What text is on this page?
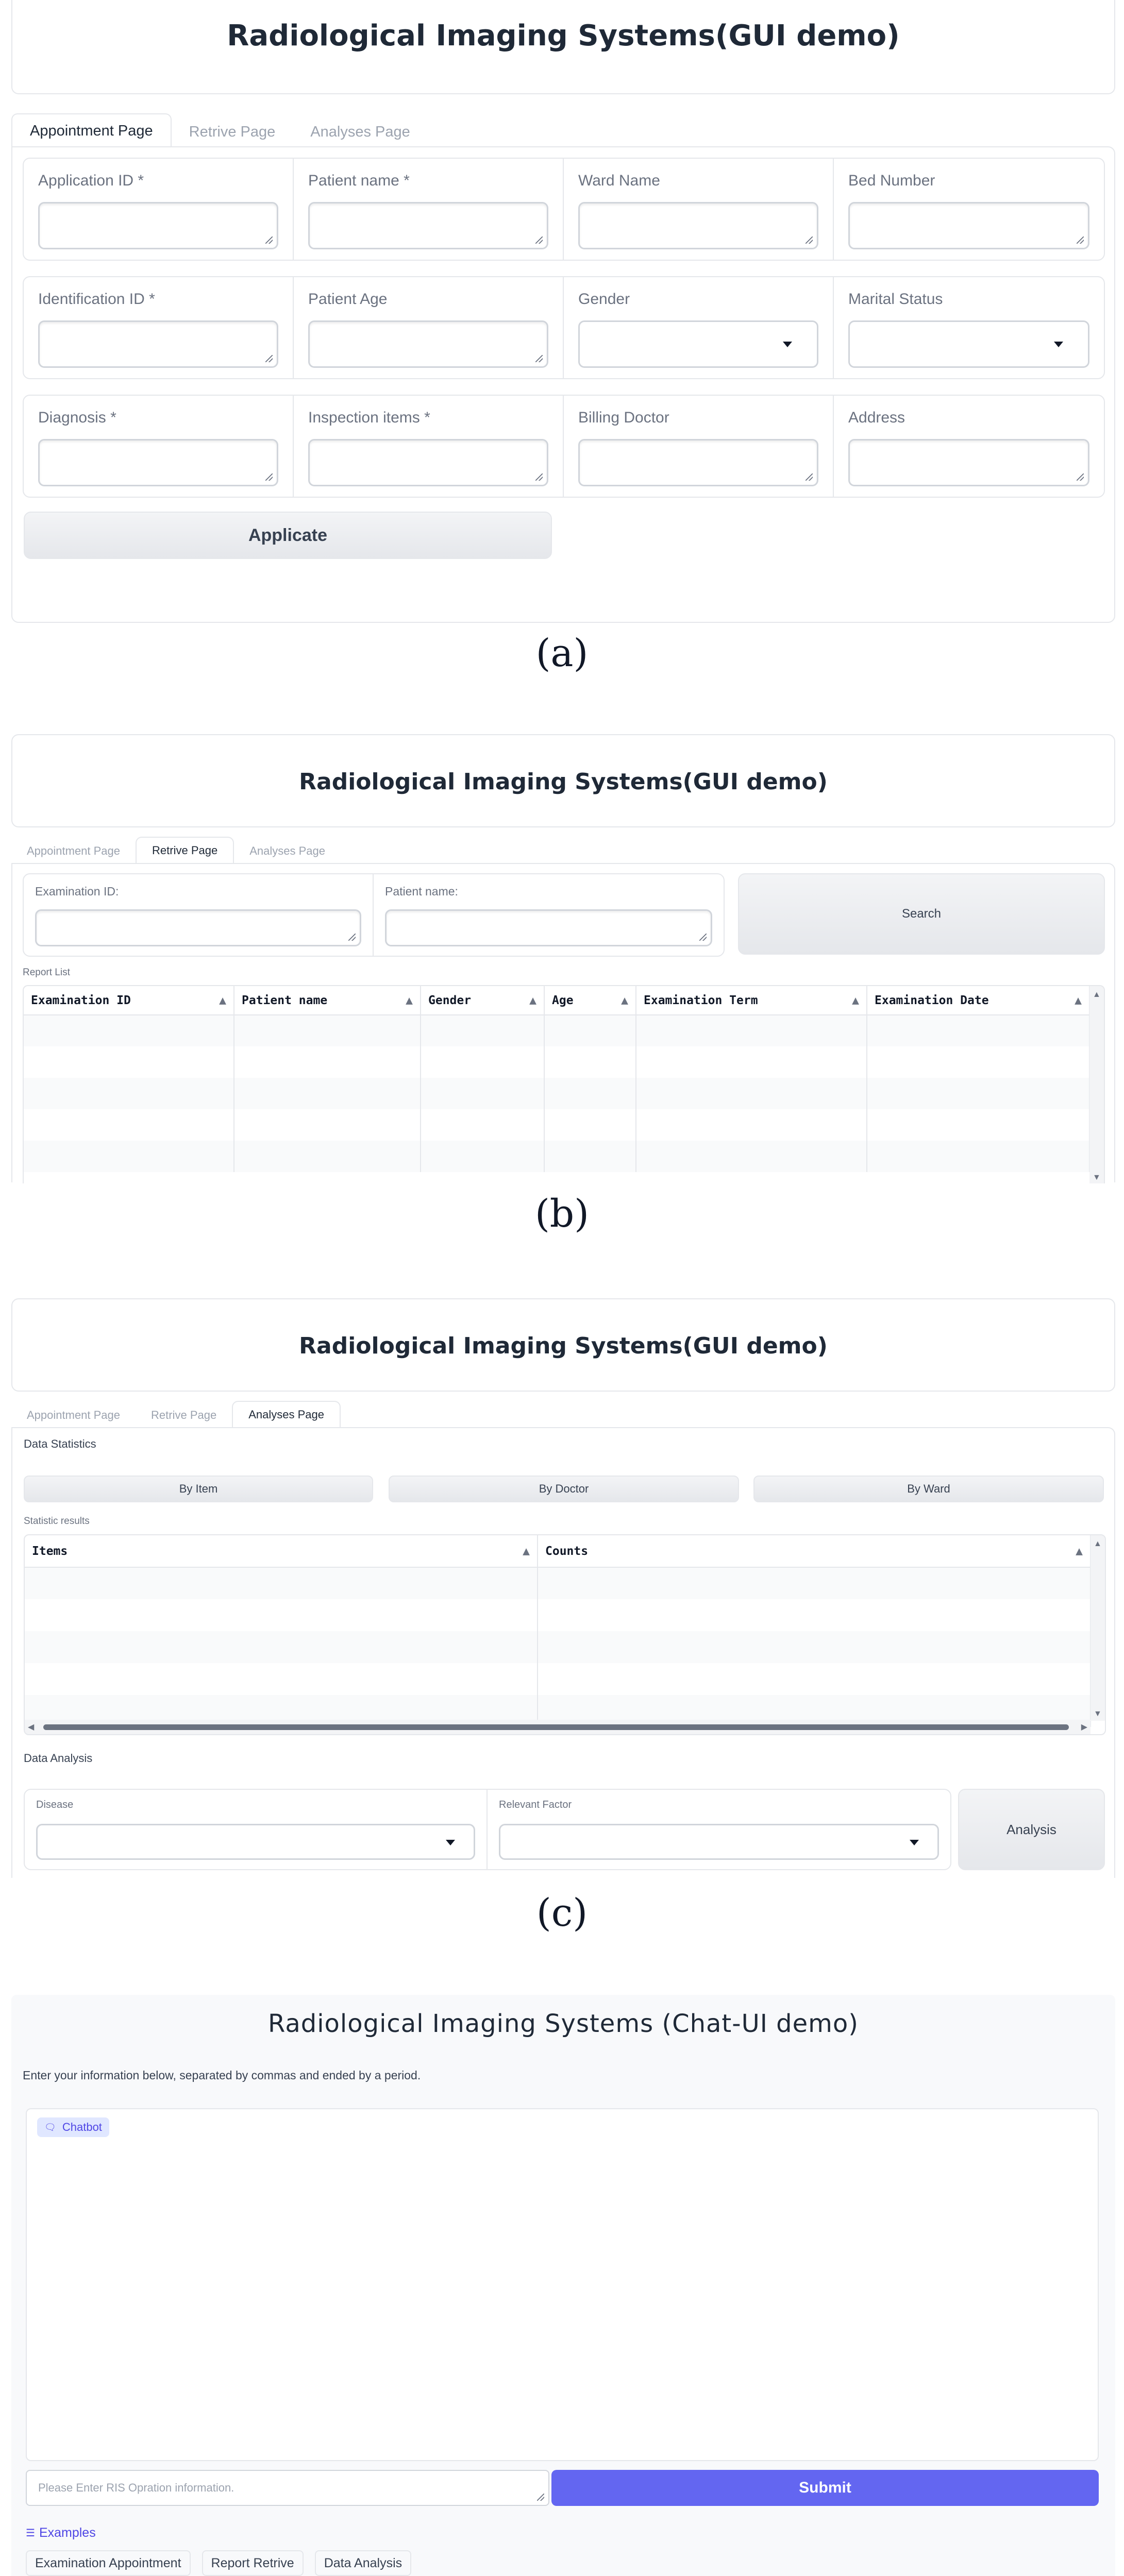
Radiological Imaging Systems(GUI demo)
Appointment Page	Retrive Page	Analyses Page
Application ID *	Patient name *	Ward Name	Bed Number
Identification ID *	Patient Age	Gender	Marital Status
Diagnosis *	Inspection items *	Billing Doctor	Address
Applicate
(a)
Radiological Imaging Systems(GUI demo)
Appointment Page	Retrive Page	Analyses Page
Examination ID:	Patient name:
Search
Report List
Examination ID ▲	Patient name ▲	Gender ▲	Age ▲	Examination Term ▲	Examination Date ▲

					▲
▼
(b)
Radiological Imaging Systems(GUI demo)
Appointment Page	Retrive Page	Analyses Page
Data Statistics
By Item	By Doctor	By Ward
Statistic results
Items ▲	Counts ▲

▲
▼
◀	▶
Data Analysis
Disease	Relevant Factor
Analysis
(c)
Radiological Imaging Systems (Chat-UI demo)
Enter your information below, separated by commas and ended by a period.
🗨 Chatbot
Please Enter RIS Opration information.	Submit
☰ Examples
Examination Appointment	Report Retrive	Data Analysis
